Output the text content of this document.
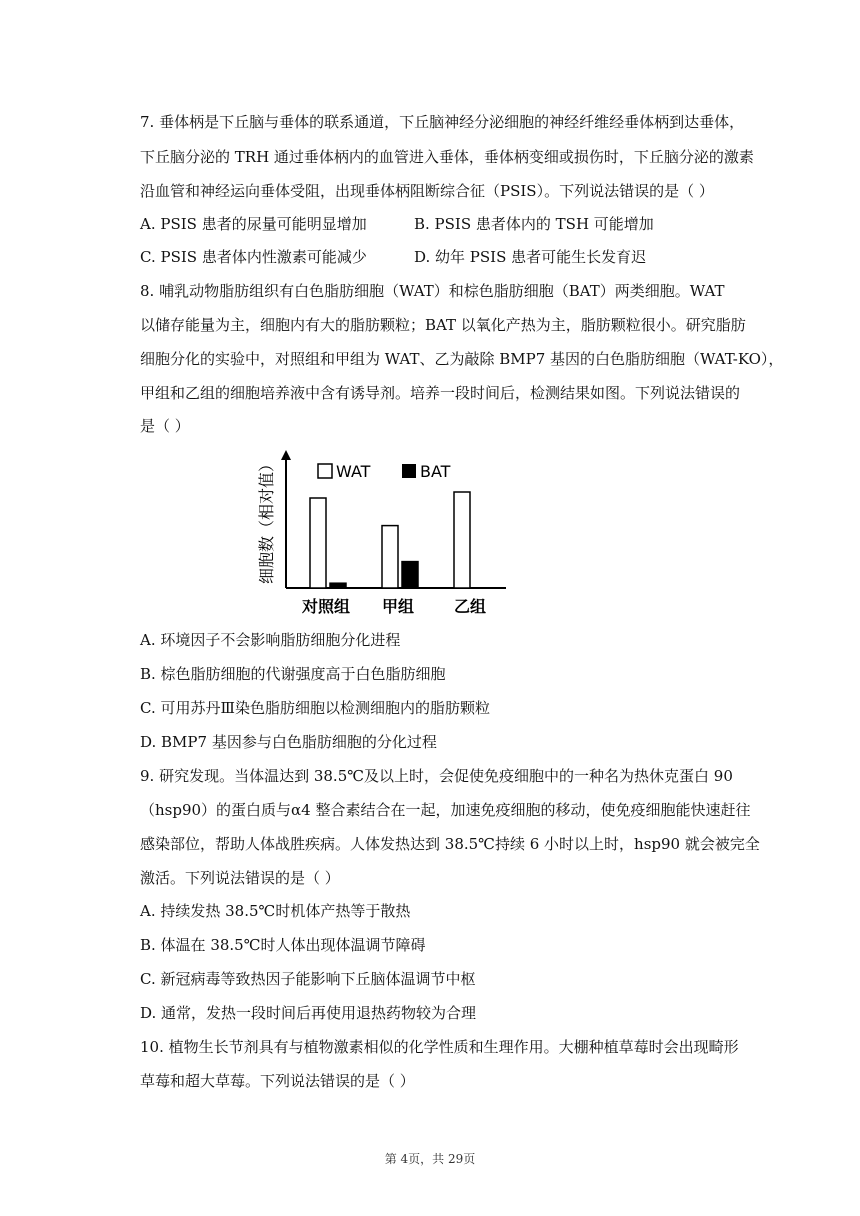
7. 垂体柄是下丘脑与垂体的联系通道，下丘脑神经分泌细胞的神经纤维经垂体柄到达垂体，
下丘脑分泌的 TRH 通过垂体柄内的血管进入垂体，垂体柄变细或损伤时，下丘脑分泌的激素
沿血管和神经运向垂体受阻，出现垂体柄阻断综合征（PSIS）。下列说法错误的是（ ）
A. PSIS 患者的尿量可能明显增加	B. PSIS 患者体内的 TSH 可能增加
C. PSIS 患者体内性激素可能减少	D. 幼年 PSIS 患者可能生长发育迟
8. 哺乳动物脂肪组织有白色脂肪细胞（WAT）和棕色脂肪细胞（BAT）两类细胞。WAT
以储存能量为主，细胞内有大的脂肪颗粒；BAT 以氧化产热为主，脂肪颗粒很小。研究脂肪
细胞分化的实验中，对照组和甲组为 WAT、乙为敲除 BMP7 基因的白色脂肪细胞（WAT-KO），
甲组和乙组的细胞培养液中含有诱导剂。培养一段时间后，检测结果如图。下列说法错误的
是（ ）
细胞数（相对值）	WAT	BAT
对照组 甲组 乙组
A. 环境因子不会影响脂肪细胞分化进程
B. 棕色脂肪细胞的代谢强度高于白色脂肪细胞
C. 可用苏丹Ⅲ染色脂肪细胞以检测细胞内的脂肪颗粒
D. BMP7 基因参与白色脂肪细胞的分化过程
9. 研究发现。当体温达到 38.5℃及以上时，会促使免疫细胞中的一种名为热休克蛋白 90
（hsp90）的蛋白质与α4 整合素结合在一起，加速免疫细胞的移动，使免疫细胞能快速赶往
感染部位，帮助人体战胜疾病。人体发热达到 38.5℃持续 6 小时以上时，hsp90 就会被完全
激活。下列说法错误的是（ ）
A. 持续发热 38.5℃时机体产热等于散热
B. 体温在 38.5℃时人体出现体温调节障碍
C. 新冠病毒等致热因子能影响下丘脑体温调节中枢
D. 通常，发热一段时间后再使用退热药物较为合理
10. 植物生长节剂具有与植物激素相似的化学性质和生理作用。大棚种植草莓时会出现畸形
草莓和超大草莓。下列说法错误的是（ ）
第 4页，共 29页
